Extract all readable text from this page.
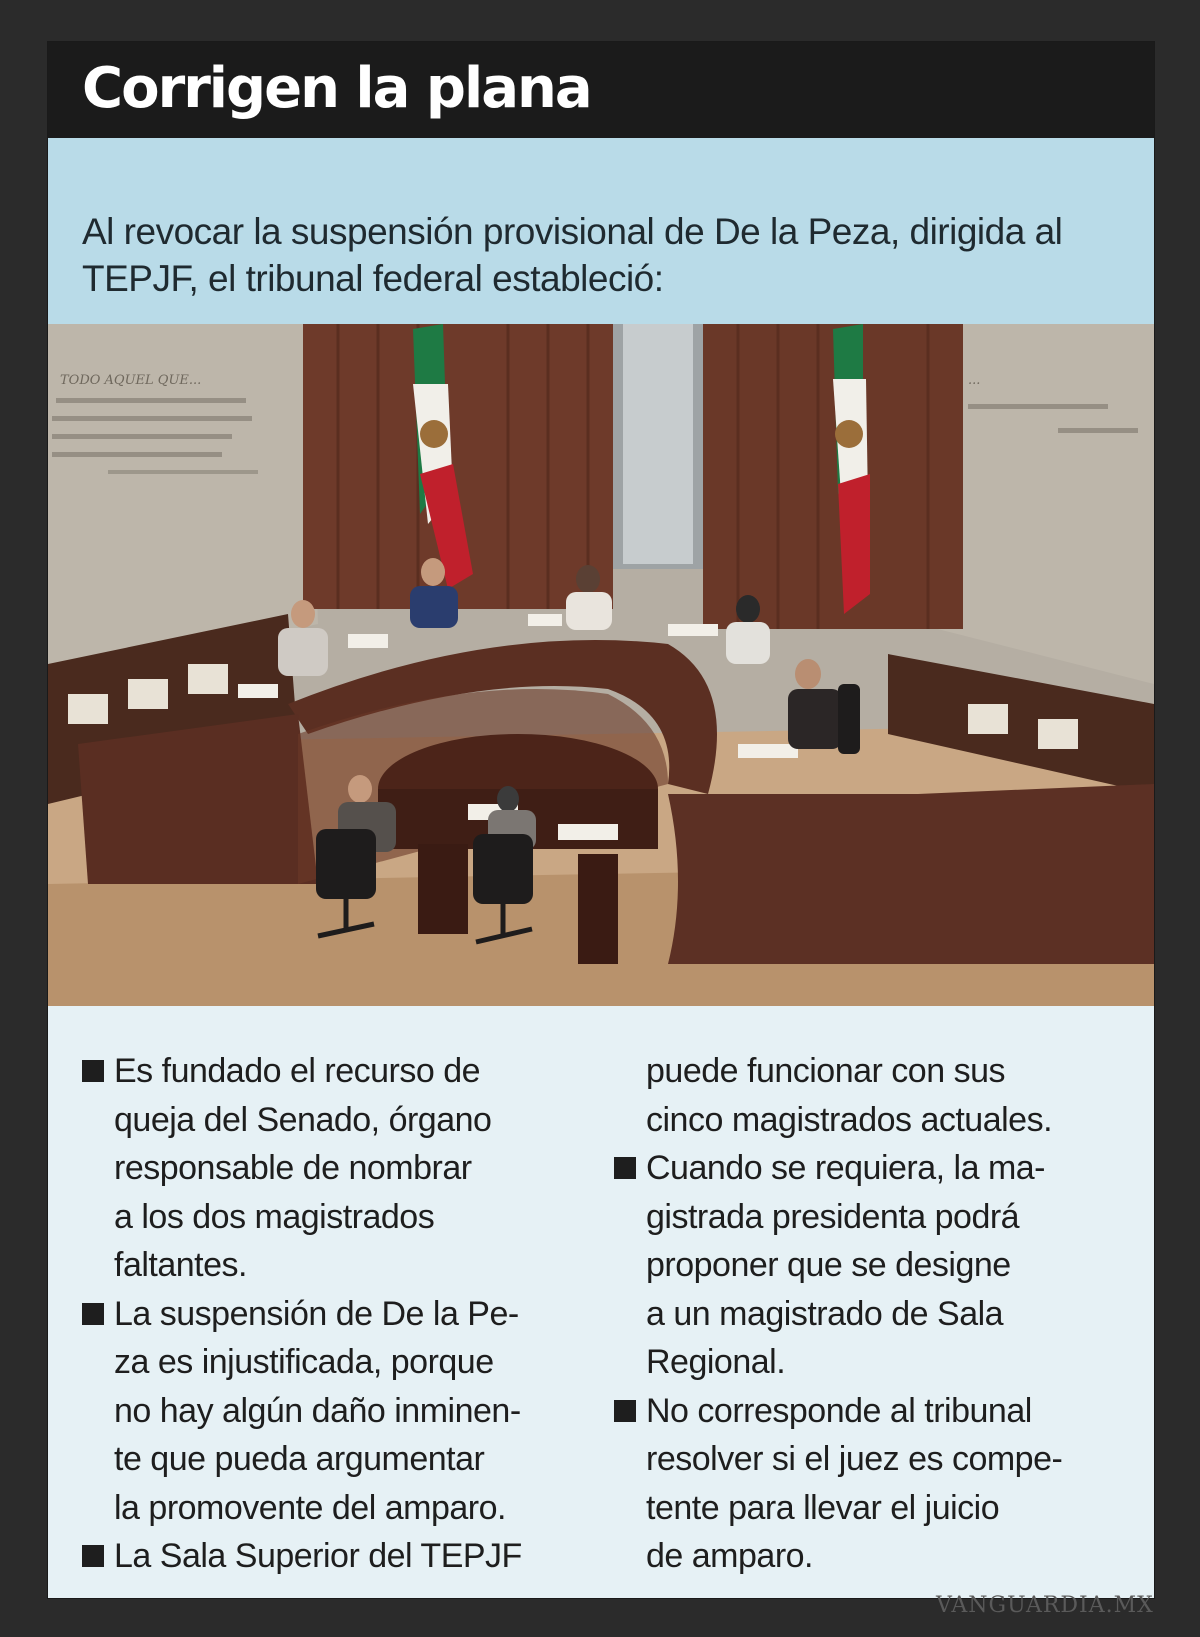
Corrigen la plana
Al revocar la suspensión provisional de De la Peza, dirigida al TEPJF, el tribunal federal estableció:
TODO AQUEL QUE...	...
Es fundado el recurso de
queja del Senado, órgano
responsable de nombrar
a los dos magistrados
faltantes.
La suspensión de De la Pe-
za es injustificada, porque
no hay algún daño inminen-
te que pueda argumentar
la promovente del amparo.
La Sala Superior del TEPJF
puede funcionar con sus
cinco magistrados actuales.
Cuando se requiera, la ma-
gistrada presidenta podrá
proponer que se designe
a un magistrado de Sala
Regional.
No corresponde al tribunal
resolver si el juez es compe-
tente para llevar el juicio
de amparo.
VANGUARDIA.MX
